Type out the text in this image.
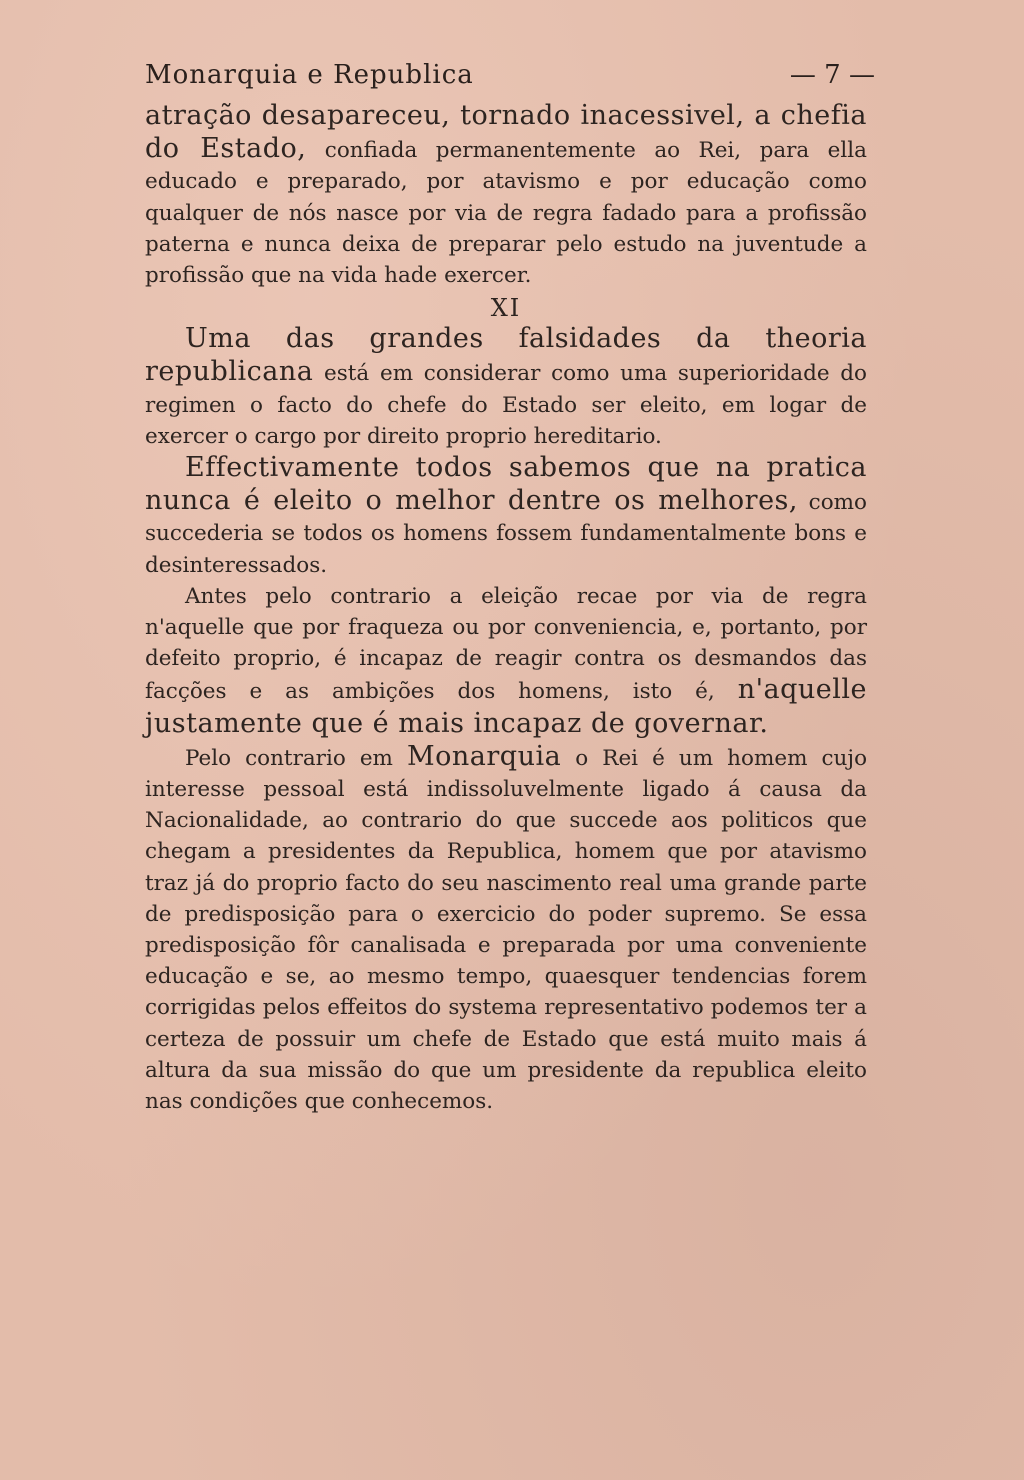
Monarquia e Republica	— 7 —

atração desapareceu, tornado inacessivel, a chefia do Estado, confiada permanentemente ao Rei, para ella educado e preparado, por atavismo e por educação como qualquer de nós nasce por via de regra fadado para a profissão paterna e nunca deixa de preparar pelo estudo na juventude a profissão que na vida hade exercer.

XI

Uma das grandes falsidades da theoria republicana está em considerar como uma superioridade do regimen o facto do chefe do Estado ser eleito, em logar de exercer o cargo por direito proprio hereditario.

Effectivamente todos sabemos que na pratica nunca é eleito o melhor dentre os melhores, como succederia se todos os homens fossem fundamentalmente bons e desinteressados.

Antes pelo contrario a eleição recae por via de regra n'aquelle que por fraqueza ou por conveniencia, e, portanto, por defeito proprio, é incapaz de reagir contra os desmandos das facções e as ambições dos homens, isto é, n'aquelle justamente que é mais incapaz de governar.

Pelo contrario em Monarquia o Rei é um homem cujo interesse pessoal está indissoluvelmente ligado á causa da Nacionalidade, ao contrario do que succede aos politicos que chegam a presidentes da Republica, homem que por atavismo traz já do proprio facto do seu nascimento real uma grande parte de predisposição para o exercicio do poder supremo. Se essa predisposição fôr canalisada e preparada por uma conveniente educação e se, ao mesmo tempo, quaesquer tendencias forem corrigidas pelos effeitos do systema representativo podemos ter a certeza de possuir um chefe de Estado que está muito mais á altura da sua missão do que um presidente da republica eleito nas condições que conhecemos.
